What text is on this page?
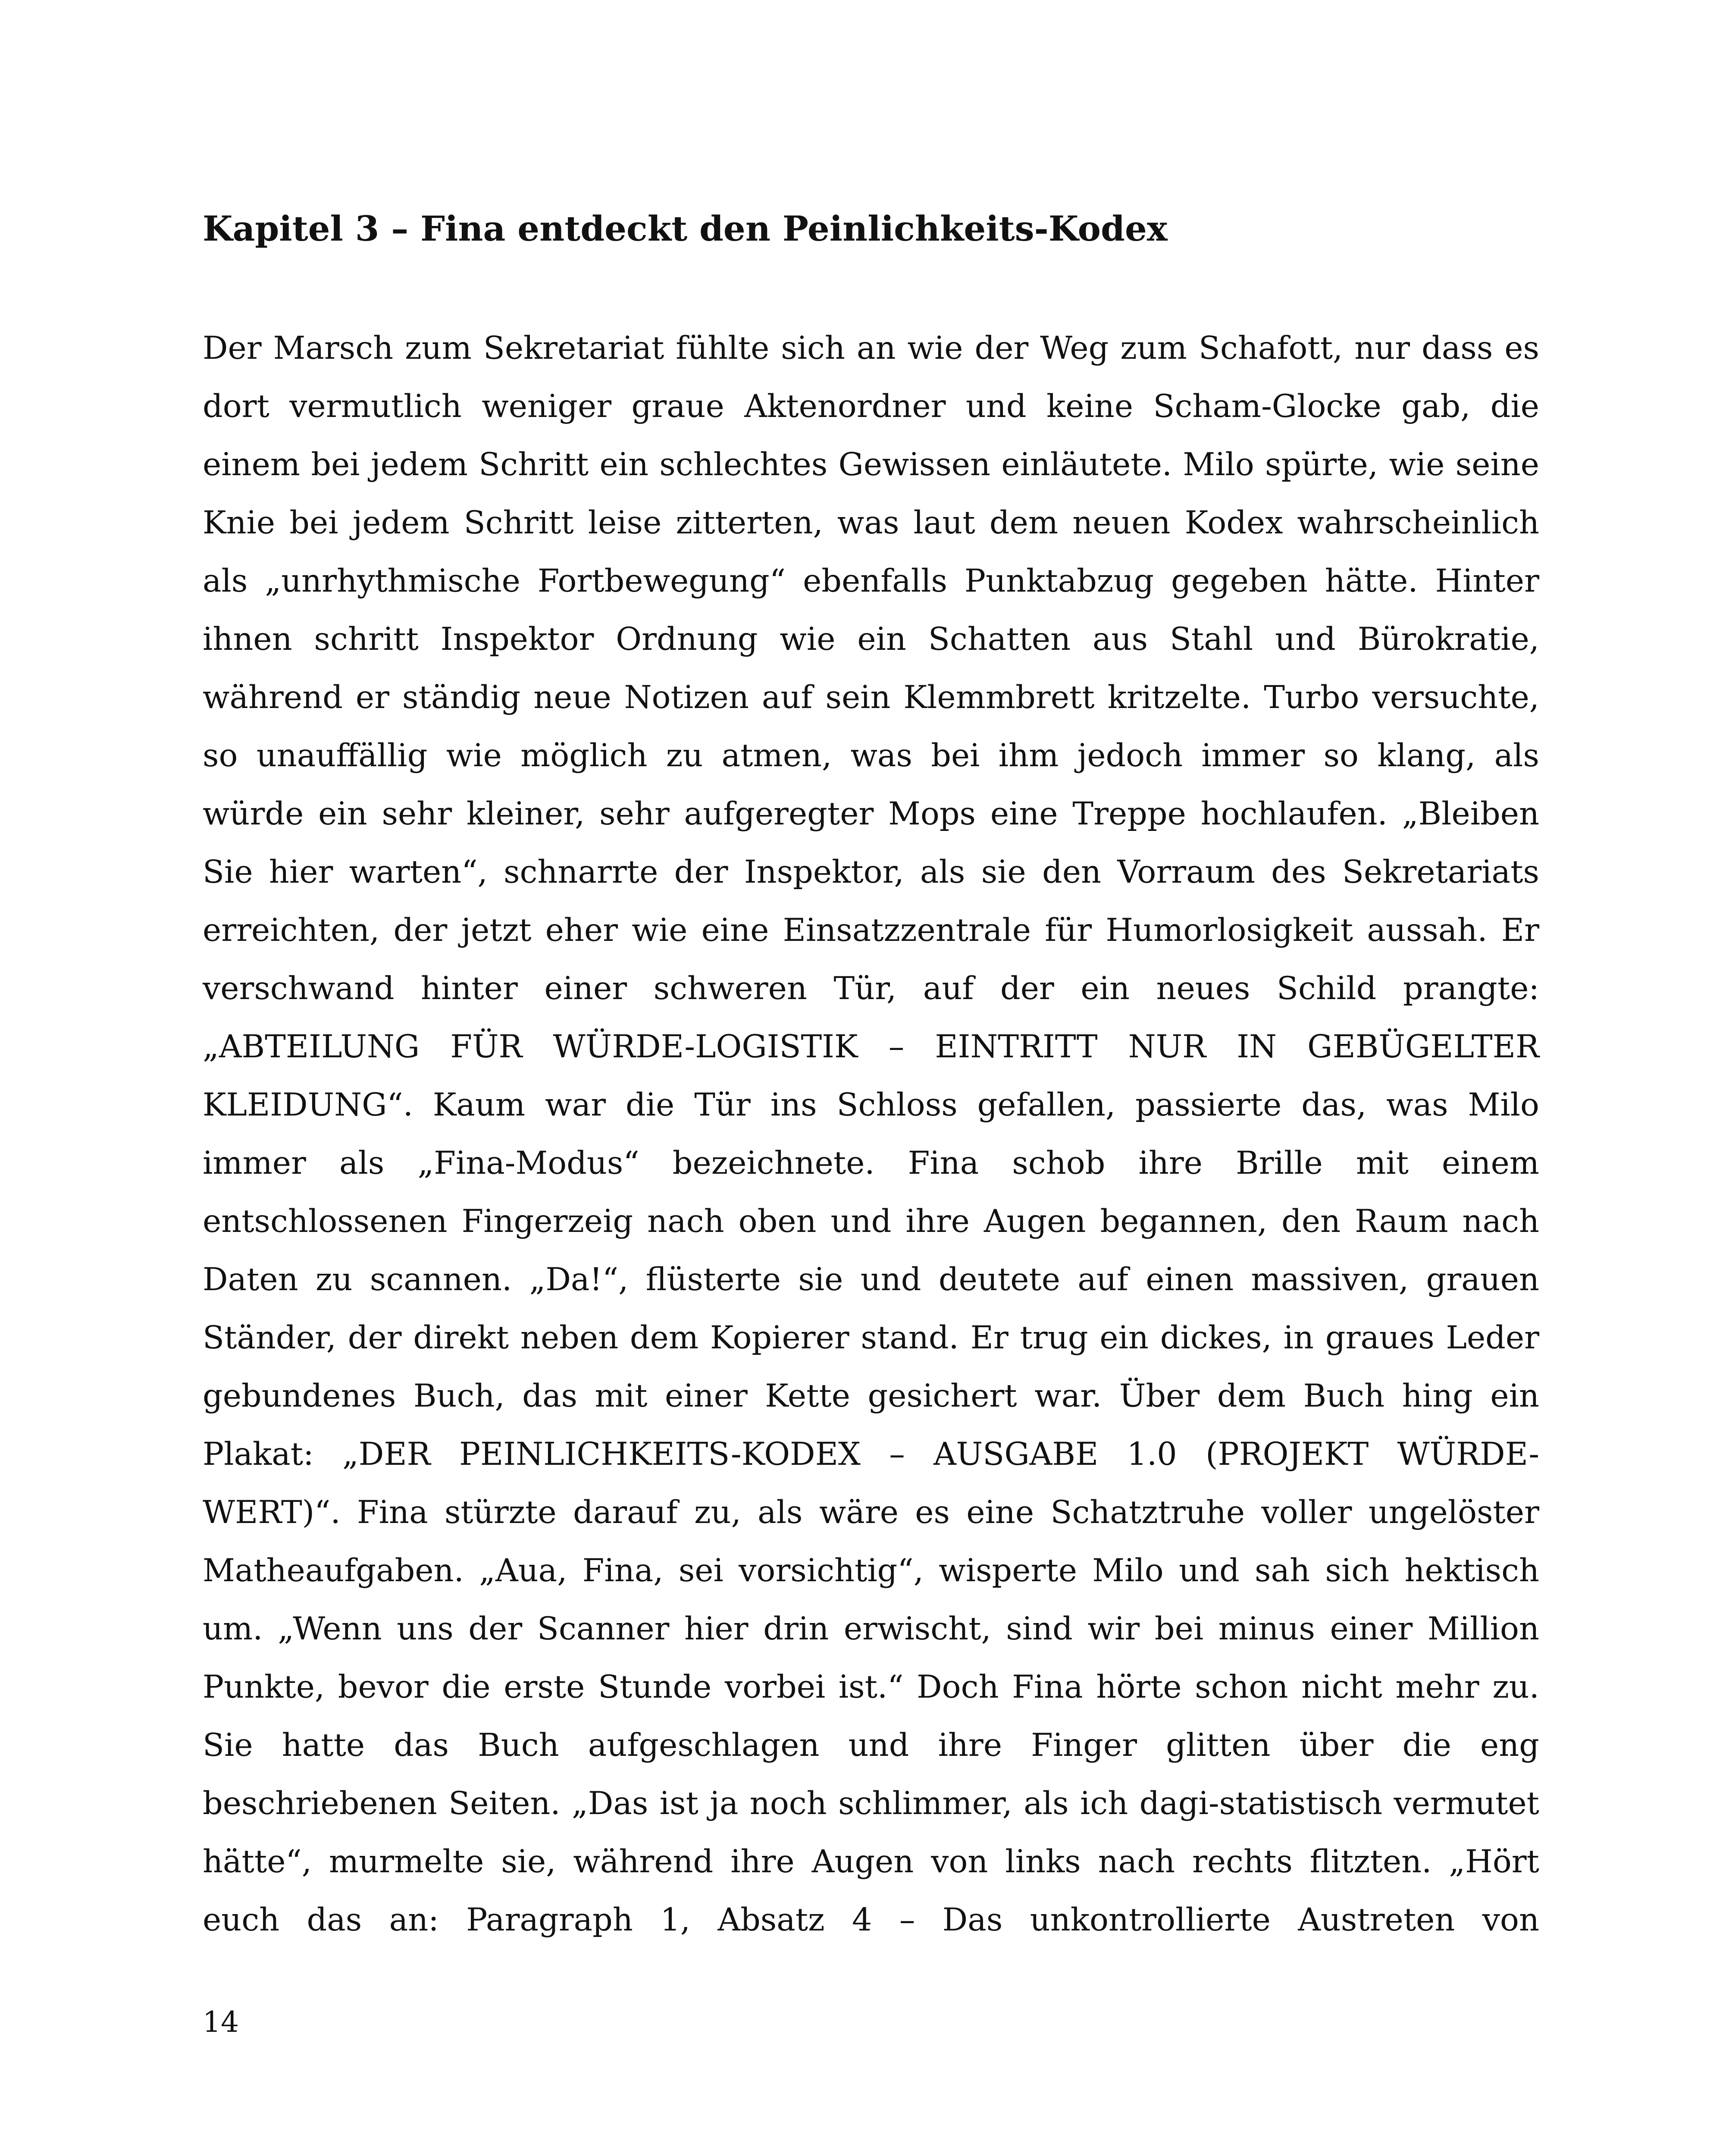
Kapitel 3 – Fina entdeckt den Peinlichkeits-Kodex
Der Marsch zum Sekretariat fühlte sich an wie der Weg zum Schafott, nur dass es
dort vermutlich weniger graue Aktenordner und keine Scham-Glocke gab, die
einem bei jedem Schritt ein schlechtes Gewissen einläutete. Milo spürte, wie seine
Knie bei jedem Schritt leise zitterten, was laut dem neuen Kodex wahrscheinlich
als „unrhythmische Fortbewegung“ ebenfalls Punktabzug gegeben hätte. Hinter
ihnen schritt Inspektor Ordnung wie ein Schatten aus Stahl und Bürokratie,
während er ständig neue Notizen auf sein Klemmbrett kritzelte. Turbo versuchte,
so unauffällig wie möglich zu atmen, was bei ihm jedoch immer so klang, als
würde ein sehr kleiner, sehr aufgeregter Mops eine Treppe hochlaufen. „Bleiben
Sie hier warten“, schnarrte der Inspektor, als sie den Vorraum des Sekretariats
erreichten, der jetzt eher wie eine Einsatzzentrale für Humorlosigkeit aussah. Er
verschwand hinter einer schweren Tür, auf der ein neues Schild prangte:
„ABTEILUNG FÜR WÜRDE-LOGISTIK – EINTRITT NUR IN GEBÜGELTER
KLEIDUNG“. Kaum war die Tür ins Schloss gefallen, passierte das, was Milo
immer als „Fina-Modus“ bezeichnete. Fina schob ihre Brille mit einem
entschlossenen Fingerzeig nach oben und ihre Augen begannen, den Raum nach
Daten zu scannen. „Da!“, flüsterte sie und deutete auf einen massiven, grauen
Ständer, der direkt neben dem Kopierer stand. Er trug ein dickes, in graues Leder
gebundenes Buch, das mit einer Kette gesichert war. Über dem Buch hing ein
Plakat: „DER PEINLICHKEITS-KODEX – AUSGABE 1.0 (PROJEKT WÜRDE-
WERT)“. Fina stürzte darauf zu, als wäre es eine Schatztruhe voller ungelöster
Matheaufgaben. „Aua, Fina, sei vorsichtig“, wisperte Milo und sah sich hektisch
um. „Wenn uns der Scanner hier drin erwischt, sind wir bei minus einer Million
Punkte, bevor die erste Stunde vorbei ist.“ Doch Fina hörte schon nicht mehr zu.
Sie hatte das Buch aufgeschlagen und ihre Finger glitten über die eng
beschriebenen Seiten. „Das ist ja noch schlimmer, als ich dagi-statistisch vermutet
hätte“, murmelte sie, während ihre Augen von links nach rechts flitzten. „Hört
euch das an: Paragraph 1, Absatz 4 – Das unkontrollierte Austreten von
14
